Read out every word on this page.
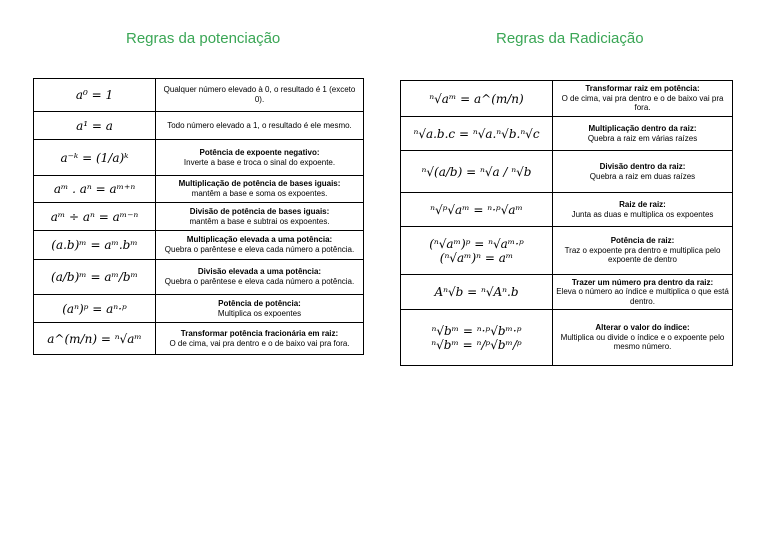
Regras da potenciação	Regras da Radiciação
a⁰ = 1	Qualquer número elevado à 0, o resultado é 1 (exceto 0).
a¹ = a	Todo número elevado a 1, o resultado é ele mesmo.
a⁻ᵏ = (1/a)ᵏ	Potência de expoente negativo:
Inverte a base e troca o sinal do expoente.
aᵐ . aⁿ = aᵐ⁺ⁿ	Multiplicação de potência de bases iguais:
mantêm a base e soma os expoentes.
aᵐ ÷ aⁿ = aᵐ⁻ⁿ	Divisão de potência de bases iguais:
mantêm a base e subtrai os expoentes.
(a.b)ᵐ = aᵐ.bᵐ	Multiplicação elevada a uma potência:
Quebra o parêntese e eleva cada número a potência.
(a/b)ᵐ = aᵐ/bᵐ	Divisão elevada a uma potência:
Quebra o parêntese e eleva cada número a potência.
(aⁿ)ᵖ = aⁿ·ᵖ	Potência de potência:
Multiplica os expoentes
a^(m/n) = ⁿ√aᵐ	Transformar potência fracionária em raiz:
O de cima, vai pra dentro e o de baixo vai pra fora.
ⁿ√aᵐ = a^(m/n)	Transformar raiz em potência:
O de cima, vai pra dentro e o de baixo vai pra fora.
ⁿ√a.b.c = ⁿ√a.ⁿ√b.ⁿ√c	Multiplicação dentro da raiz:
Quebra a raiz em várias raízes
ⁿ√(a/b) = ⁿ√a / ⁿ√b	Divisão dentro da raiz:
Quebra a raiz em duas raízes
ⁿ√ᵖ√aᵐ = ⁿ·ᵖ√aᵐ	Raiz de raiz:
Junta as duas e multiplica os expoentes

(ⁿ√aᵐ)ᵖ = ⁿ√aᵐ·ᵖ
(ⁿ√aᵐ)ⁿ = aᵐ	Potência de raiz:
Traz o expoente pra dentro e multiplica pelo expoente de dentro
Aⁿ√b = ⁿ√Aⁿ.b	Trazer um número pra dentro da raiz:
Eleva o número ao índice e multiplica o que está dentro.

ⁿ√bᵐ = ⁿ·ᵖ√bᵐ·ᵖ
ⁿ√bᵐ = ⁿ/ᵖ√bᵐ/ᵖ	Alterar o valor do índice:
Multiplica ou divide o índice e o expoente pelo mesmo número.
